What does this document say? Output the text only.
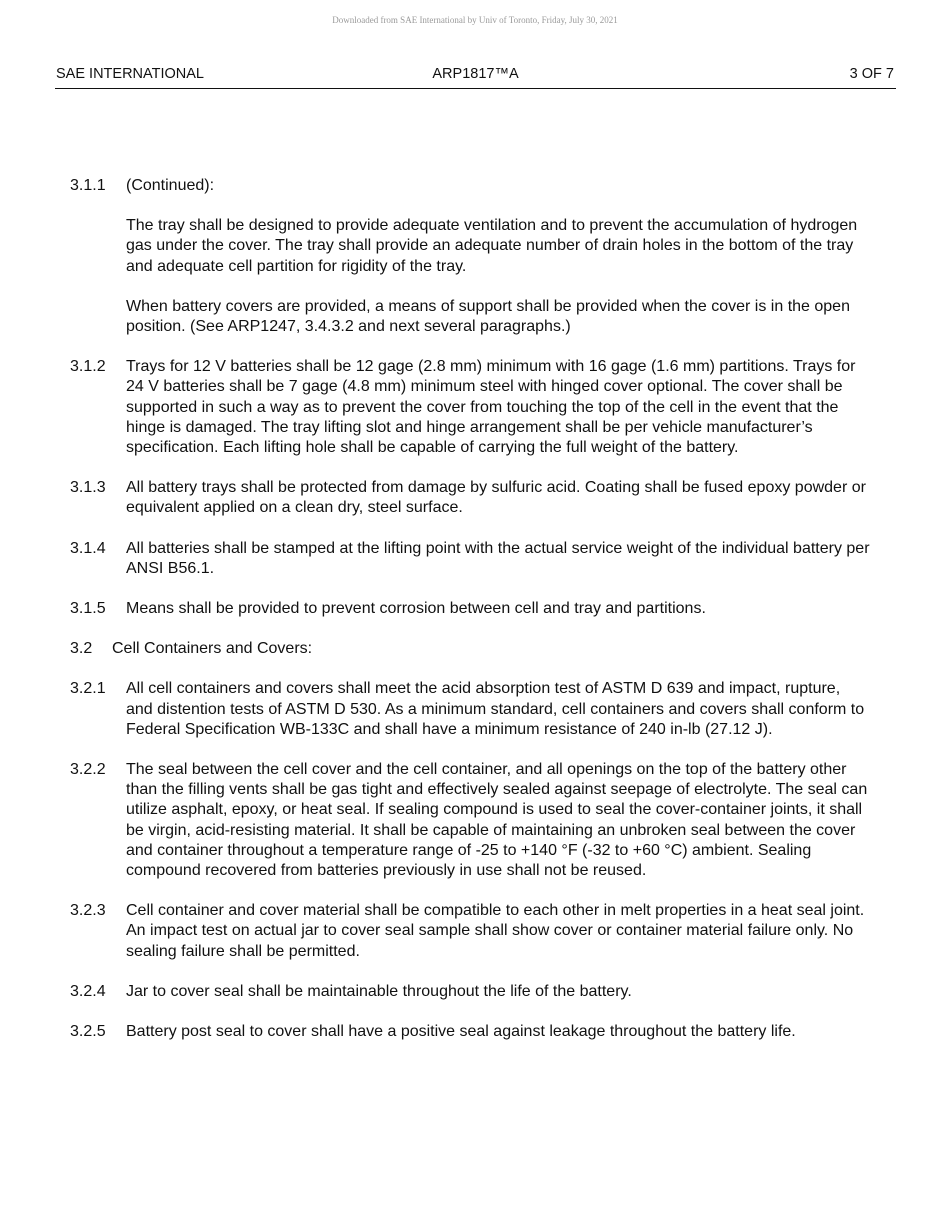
Downloaded from SAE International by Univ of Toronto, Friday, July 30, 2021
SAE INTERNATIONAL	ARP1817™A	3 OF 7
3.1.1	(Continued):
The tray shall be designed to provide adequate ventilation and to prevent the accumulation of hydrogen gas under the cover. The tray shall provide an adequate number of drain holes in the bottom of the tray and adequate cell partition for rigidity of the tray.
When battery covers are provided, a means of support shall be provided when the cover is in the open position. (See ARP1247, 3.4.3.2 and next several paragraphs.)
3.1.2	Trays for 12 V batteries shall be 12 gage (2.8 mm) minimum with 16 gage (1.6 mm) partitions. Trays for 24 V batteries shall be 7 gage (4.8 mm) minimum steel with hinged cover optional. The cover shall be supported in such a way as to prevent the cover from touching the top of the cell in the event that the hinge is damaged. The tray lifting slot and hinge arrangement shall be per vehicle manufacturer’s specification. Each lifting hole shall be capable of carrying the full weight of the battery.
3.1.3	All battery trays shall be protected from damage by sulfuric acid. Coating shall be fused epoxy powder or equivalent applied on a clean dry, steel surface.
3.1.4	All batteries shall be stamped at the lifting point with the actual service weight of the individual battery per ANSI B56.1.
3.1.5	Means shall be provided to prevent corrosion between cell and tray and partitions.
3.2	Cell Containers and Covers:
3.2.1	All cell containers and covers shall meet the acid absorption test of ASTM D 639 and impact, rupture, and distention tests of ASTM D 530. As a minimum standard, cell containers and covers shall conform to Federal Specification WB-133C and shall have a minimum resistance of 240 in-lb (27.12 J).
3.2.2	The seal between the cell cover and the cell container, and all openings on the top of the battery other than the filling vents shall be gas tight and effectively sealed against seepage of electrolyte. The seal can utilize asphalt, epoxy, or heat seal. If sealing compound is used to seal the cover-container joints, it shall be virgin, acid-resisting material. It shall be capable of maintaining an unbroken seal between the cover and container throughout a temperature range of -25 to +140 °F (-32 to +60 °C) ambient. Sealing compound recovered from batteries previously in use shall not be reused.
3.2.3	Cell container and cover material shall be compatible to each other in melt properties in a heat seal joint. An impact test on actual jar to cover seal sample shall show cover or container material failure only. No sealing failure shall be permitted.
3.2.4	Jar to cover seal shall be maintainable throughout the life of the battery.
3.2.5	Battery post seal to cover shall have a positive seal against leakage throughout the battery life.
